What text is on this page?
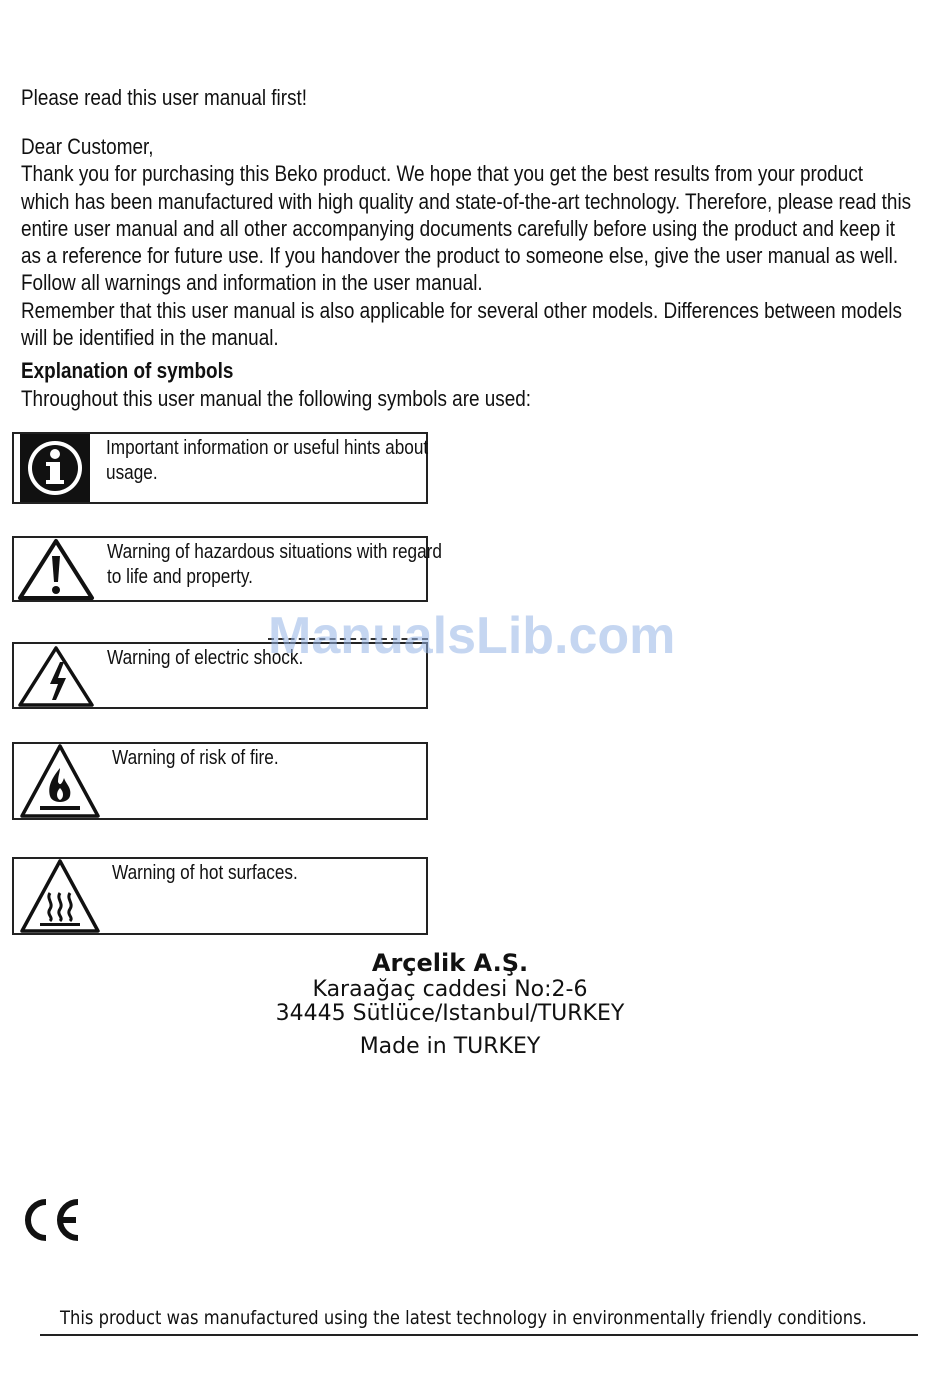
Please read this user manual first!

Dear Customer,

Thank you for purchasing this Beko product. We hope that you get the best results from your product which has been manufactured with high quality and state-of-the-art technology. Therefore, please read this entire user manual and all other accompanying documents carefully before using the product and keep it as a reference for future use. If you handover the product to someone else, give the user manual as well. Follow all warnings and information in the user manual.

Remember that this user manual is also applicable for several other models. Differences between models will be identified in the manual.

Explanation of symbols
Throughout this user manual the following symbols are used:
Important information or useful hints about usage.
Warning of hazardous situations with regard to life and property.
Warning of electric shock.
Warning of risk of fire.
Warning of hot surfaces.
ManualsLib.com
Arçelik A.Ş.
Karaağaç caddesi No:2-6
34445 Sütlüce/Istanbul/TURKEY
Made in TURKEY
This product was manufactured using the latest technology in environmentally friendly conditions.
